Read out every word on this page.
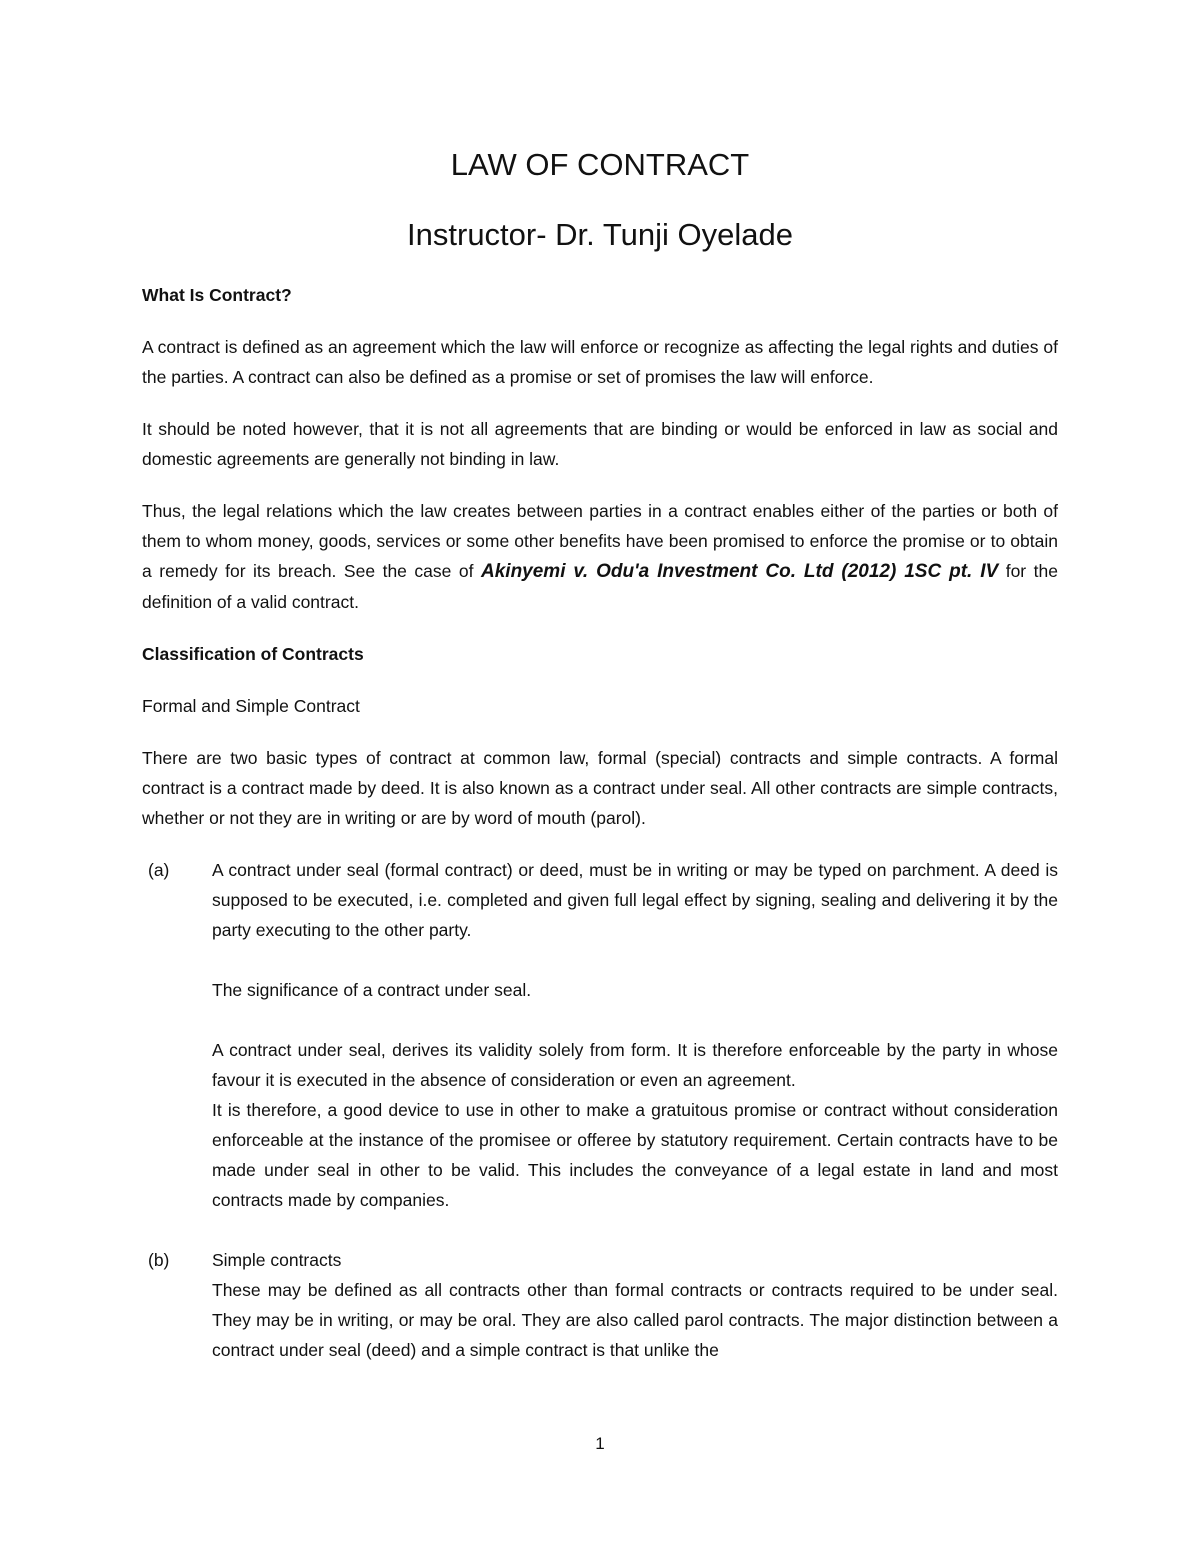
LAW OF CONTRACT
Instructor- Dr. Tunji Oyelade
What Is Contract?
A contract is defined as an agreement which the law will enforce or recognize as affecting the legal rights and duties of the parties. A contract can also be defined as a promise or set of promises the law will enforce.
It should be noted however, that it is not all agreements that are binding or would be enforced in law as social and domestic agreements are generally not binding in law.
Thus, the legal relations which the law creates between parties in a contract enables either of the parties or both of them to whom money, goods, services or some other benefits have been promised to enforce the promise or to obtain a remedy for its breach. See the case of Akinyemi v. Odu'a Investment Co. Ltd (2012) 1SC pt. IV for the definition of a valid contract.
Classification of Contracts
Formal and Simple Contract
There are two basic types of contract at common law, formal (special) contracts and simple contracts. A formal contract is a contract made by deed. It is also known as a contract under seal. All other contracts are simple contracts, whether or not they are in writing or are by word of mouth (parol).
(a) A contract under seal (formal contract) or deed, must be in writing or may be typed on parchment. A deed is supposed to be executed, i.e. completed and given full legal effect by signing, sealing and delivering it by the party executing to the other party.
The significance of a contract under seal.
A contract under seal, derives its validity solely from form. It is therefore enforceable by the party in whose favour it is executed in the absence of consideration or even an agreement.
It is therefore, a good device to use in other to make a gratuitous promise or contract without consideration enforceable at the instance of the promisee or offeree by statutory requirement. Certain contracts have to be made under seal in other to be valid. This includes the conveyance of a legal estate in land and most contracts made by companies.
(b) Simple contracts
These may be defined as all contracts other than formal contracts or contracts required to be under seal. They may be in writing, or may be oral. They are also called parol contracts. The major distinction between a contract under seal (deed) and a simple contract is that unlike the
1
